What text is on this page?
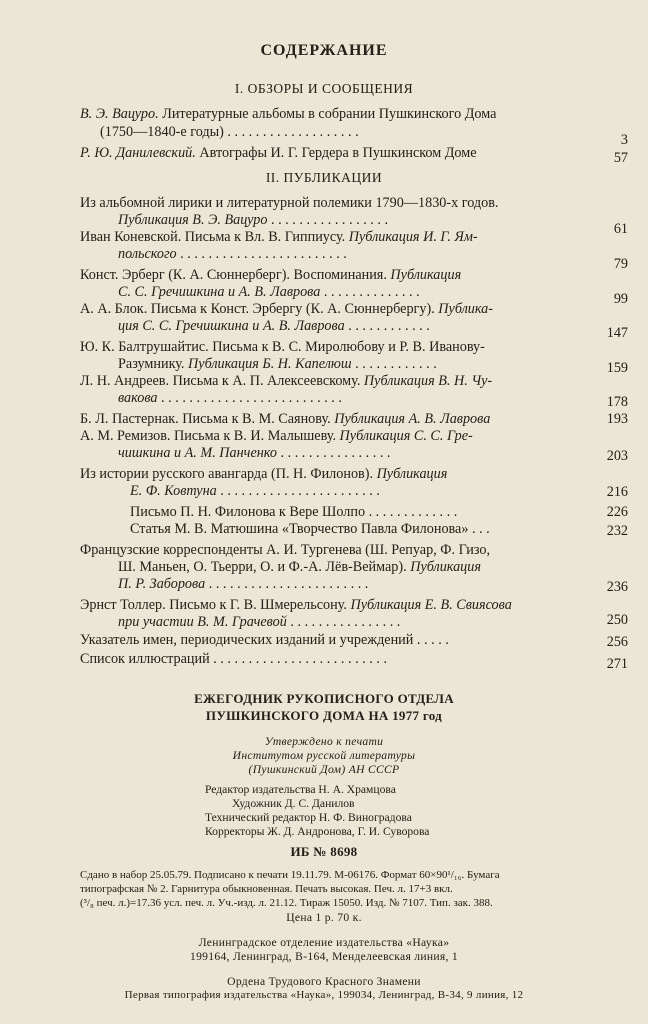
СОДЕРЖАНИЕ
I. ОБЗОРЫ И СООБЩЕНИЯ
В. Э. Вацуро. Литературные альбомы в собрании Пушкинского Дома
(1750—1840-е годы) . . . . . . . . . . . . . . . . . . .
Р. Ю. Данилевский. Автографы И. Г. Гердера в Пушкинском Доме
II. ПУБЛИКАЦИИ
Из альбомной лирики и литературной полемики 1790—1830-х годов.
Публикация В. Э. Вацуро . . . . . . . . . . . . . . . . .
Иван Коневской. Письма к Вл. В. Гиппиусу. Публикация И. Г. Ям-
польского . . . . . . . . . . . . . . . . . . . . . . . .
Конст. Эрберг (К. А. Сюннерберг). Воспоминания. Публикация
С. С. Гречишкина и А. В. Лаврова . . . . . . . . . . . . . .
А. А. Блок. Письма к Конст. Эрбергу (К. А. Сюннербергу). Публика-
ция С. С. Гречишкина и А. В. Лаврова . . . . . . . . . . . .
Ю. К. Балтрушайтис. Письма к В. С. Миролюбову и Р. В. Иванову-
Разумнику. Публикация Б. Н. Капелюш . . . . . . . . . . . .
Л. Н. Андреев. Письма к А. П. Алексеевскому. Публикация В. Н. Чу-
вакова . . . . . . . . . . . . . . . . . . . . . . . . . .
Б. Л. Пастернак. Письма к В. М. Саянову. Публикация А. В. Лаврова
А. М. Ремизов. Письма к В. И. Малышеву. Публикация С. С. Гре-
чишкина и А. М. Панченко . . . . . . . . . . . . . . . .
Из истории русского авангарда (П. Н. Филонов). Публикация
Е. Ф. Ковтуна . . . . . . . . . . . . . . . . . . . . . . .
Письмо П. Н. Филонова к Вере Шолпо . . . . . . . . . . . . .
Статья М. В. Матюшина «Творчество Павла Филонова» . . .
Французские корреспонденты А. И. Тургенева (Ш. Репуар, Ф. Гизо,
Ш. Маньен, О. Тьерри, О. и Ф.-А. Лёв-Веймар). Публикация
П. Р. Заборова . . . . . . . . . . . . . . . . . . . . . . .
Эрнст Толлер. Письмо к Г. В. Шмерельсону. Публикация Е. В. Свиясова
при участии В. М. Грачевой . . . . . . . . . . . . . . . .
Указатель имен, периодических изданий и учреждений . . . . .
Список иллюстраций . . . . . . . . . . . . . . . . . . . . . . . . .
3
57
61
79
99
147
159
178
193
203
216
226
232
236
250
256
271
ЕЖЕГОДНИК РУКОПИСНОГО ОТДЕЛА
ПУШКИНСКОГО ДОМА НА 1977 год
Утверждено к печати
Институтом русской литературы
(Пушкинский Дом) АН СССР
Редактор издательства Н. А. Храмцова
Художник Д. С. Данилов
Технический редактор Н. Ф. Виноградова
Корректоры Ж. Д. Андронова, Г. И. Суворова
ИБ № 8698
Сдано в набор 25.05.79. Подписано к печати 19.11.79. М-06176. Формат 60×90¹/₁₆. Бумага
типографская № 2. Гарнитура обыкновенная. Печать высокая. Печ. л. 17+3 вкл.
(³/₈ печ. л.)=17.36 усл. печ. л. Уч.-изд. л. 21.12. Тираж 15050. Изд. № 7107. Тип. зак. 388.
Цена 1 р. 70 к.
Ленинградское отделение издательства «Наука»
199164, Ленинград, В-164, Менделеевская линия, 1
Ордена Трудового Красного Знамени
Первая типография издательства «Наука», 199034, Ленинград, В-34, 9 линия, 12
